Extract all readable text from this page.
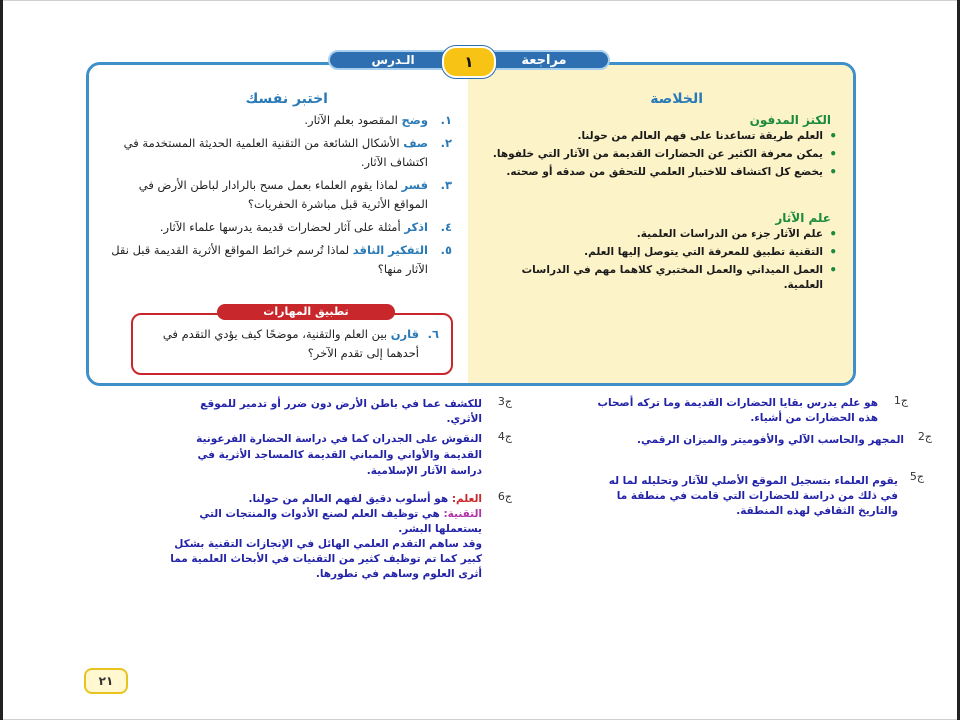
الخلاصة
الكنز المدفون
• العلم طريقة تساعدنا على فهم العالم من حولنا.
• يمكن معرفة الكثير عن الحضارات القديمة من الآثار التي خلفوها.
• يخضع كل اكتشاف للاختبار العلمي للتحقق من صدقه أو صحته.
علم الآثار
• علم الآثار جزء من الدراسات العلمية.
• التقنية تطبيق للمعرفة التي يتوصل إليها العلم.
• العمل الميداني والعمل المختبري كلاهما مهم في الدراسات العلمية.
اختبر نفسك
١.
وضح المقصود بعلم الآثار.
٢.
صف الأشكال الشائعة من التقنية العلمية الحديثة المستخدمة في اكتشاف الآثار.
٣.
فسر لماذا يقوم العلماء بعمل مسح بالرادار لباطن الأرض في المواقع الأثرية قبل مباشرة الحفريات؟
٤.
اذكر أمثلة على آثار لحضارات قديمة يدرسها علماء الآثار.
٥.
التفكير الناقد لماذا تُرسم خرائط المواقع الأثرية القديمة قبل نقل الآثار منها؟
تطبيق المهارات
٦.
قارن بين العلم والتقنية، موضحًا كيف يؤدي التقدم في أحدهما إلى تقدم الآخر؟
الـدرس	مراجعة
١
ج1
هو علم يدرس بقايا الحضارات القديمة وما تركه أصحاب هذه الحضارات من أشياء.
ج2
المجهر والحاسب الآلي والأفوميتر والميزان الرقمي.
ج5
يقوم العلماء بتسجيل الموقع الأصلي للآثار وتحليله لما له في ذلك من دراسة للحضارات التي قامت في منطقة ما والتاريخ الثقافي لهذه المنطقة.
ج3
للكشف عما في باطن الأرض دون ضرر أو تدمير للموقع الأثري.
ج4
النقوش على الجدران كما في دراسة الحضارة الفرعونية القديمة والأواني والمباني القديمة كالمساجد الأثرية في دراسة الآثار الإسلامية.
ج6
العلم: هو أسلوب دقيق لفهم العالم من حولنا.
التقنية: هي توظيف العلم لصنع الأدوات والمنتجات التي يستعملها البشر.
وقد ساهم التقدم العلمي الهائل في الإنجازات التقنية بشكل كبير كما تم توظيف كثير من التقنيات في الأبحاث العلمية مما أثرى العلوم وساهم في تطورها.
٢١
